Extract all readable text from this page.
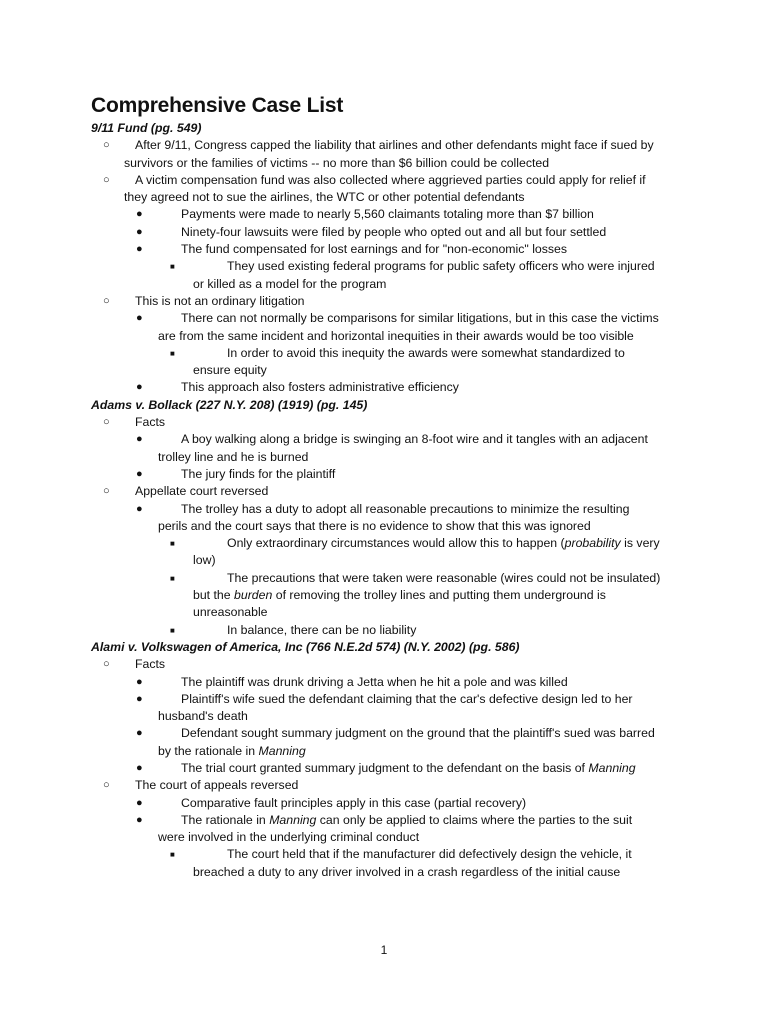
Comprehensive Case List
9/11 Fund (pg. 549)
○ After 9/11, Congress capped the liability that airlines and other defendants might face if sued by
survivors or the families of victims -- no more than $6 billion could be collected
○ A victim compensation fund was also collected where aggrieved parties could apply for relief if
they agreed not to sue the airlines, the WTC or other potential defendants
●	Payments were made to nearly 5,560 claimants totaling more than $7 billion
●	Ninety-four lawsuits were filed by people who opted out and all but four settled
●	The fund compensated for lost earnings and for "non-economic" losses
■	They used existing federal programs for public safety officers who were injured
or killed as a model for the program
○ This is not an ordinary litigation
●	There can not normally be comparisons for similar litigations, but in this case the victims
are from the same incident and horizontal inequities in their awards would be too visible
■	In order to avoid this inequity the awards were somewhat standardized to
ensure equity
●	This approach also fosters administrative efficiency
Adams v. Bollack (227 N.Y. 208) (1919) (pg. 145)
○ Facts
●	A boy walking along a bridge is swinging an 8-foot wire and it tangles with an adjacent
trolley line and he is burned
●	The jury finds for the plaintiff
○ Appellate court reversed
●	The trolley has a duty to adopt all reasonable precautions to minimize the resulting
perils and the court says that there is no evidence to show that this was ignored
■	Only extraordinary circumstances would allow this to happen (probability is very
low)
■	The precautions that were taken were reasonable (wires could not be insulated)
but the burden of removing the trolley lines and putting them underground is
unreasonable
■	In balance, there can be no liability
Alami v. Volkswagen of America, Inc (766 N.E.2d 574) (N.Y. 2002) (pg. 586)
○ Facts
●	The plaintiff was drunk driving a Jetta when he hit a pole and was killed
●	Plaintiff's wife sued the defendant claiming that the car's defective design led to her
husband's death
●	Defendant sought summary judgment on the ground that the plaintiff's sued was barred
by the rationale in Manning
●	The trial court granted summary judgment to the defendant on the basis of Manning
○ The court of appeals reversed
●	Comparative fault principles apply in this case (partial recovery)
●	The rationale in Manning can only be applied to claims where the parties to the suit
were involved in the underlying criminal conduct
■	The court held that if the manufacturer did defectively design the vehicle, it
breached a duty to any driver involved in a crash regardless of the initial cause
1
